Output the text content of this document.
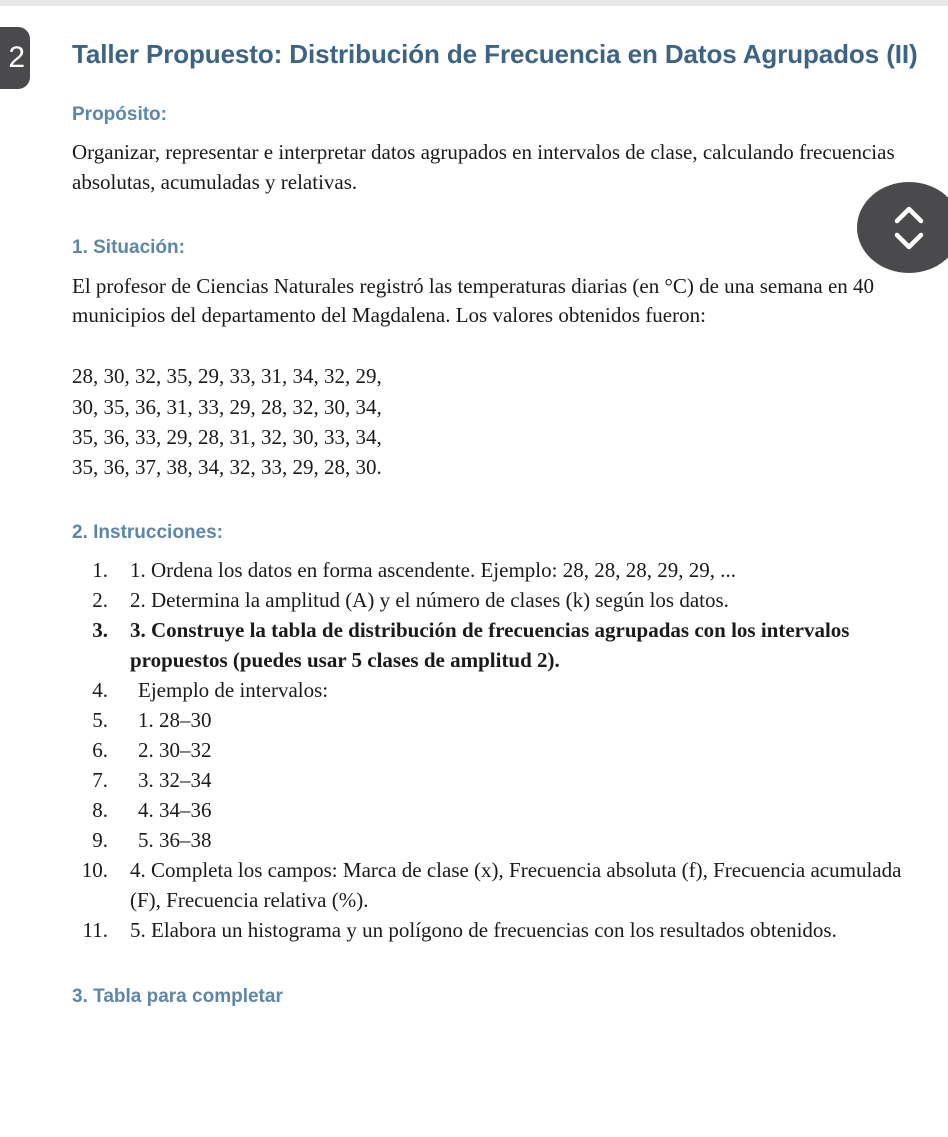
2 Taller Propuesto: Distribución de Frecuencia en Datos Agrupados (II)
Propósito:

Organizar, representar e interpretar datos agrupados en intervalos de clase, calculando frecuencias absolutas, acumuladas y relativas.

1. Situación:

El profesor de Ciencias Naturales registró las temperaturas diarias (en °C) de una semana en 40 municipios del departamento del Magdalena. Los valores obtenidos fueron:

28, 30, 32, 35, 29, 33, 31, 34, 32, 29,
30, 35, 36, 31, 33, 29, 28, 32, 30, 34,
35, 36, 33, 29, 28, 31, 32, 30, 33, 34,
35, 36, 37, 38, 34, 32, 33, 29, 28, 30.
2. Instrucciones:
1. Ordena los datos en forma ascendente. Ejemplo: 28, 28, 28, 29, 29, ...
2. Determina la amplitud (A) y el número de clases (k) según los datos.
3. Construye la tabla de distribución de frecuencias agrupadas con los intervalos propuestos (puedes usar 5 clases de amplitud 2).
Ejemplo de intervalos:
1. 28–30
2. 30–32
3. 32–34
4. 34–36
5. 36–38
4. Completa los campos: Marca de clase (x), Frecuencia absoluta (f), Frecuencia acumulada (F), Frecuencia relativa (%).
5. Elabora un histograma y un polígono de frecuencias con los resultados obtenidos.
3. Tabla para completar
